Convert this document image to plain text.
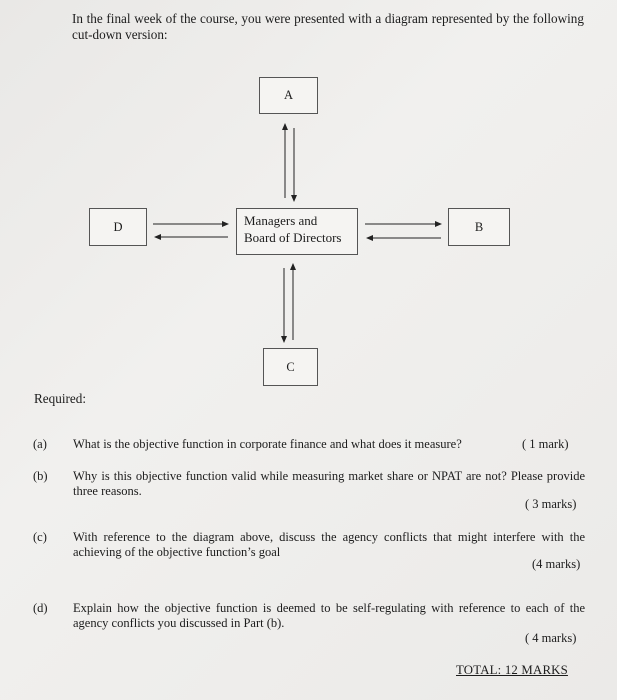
In the final week of the course, you were presented with a diagram represented by the following cut-down version:
A
D	Managers and
Board of Directors
B
C
Required:
(a) What is the objective function in corporate finance and what does it measure?	( 1 mark)
(b) Why is this objective function valid while measuring market share or NPAT are not? Please provide three reasons.
( 3 marks)
(c) With reference to the diagram above, discuss the agency conflicts that might interfere with the achieving of the objective function’s goal
(4 marks)
(d) Explain how the objective function is deemed to be self-regulating with reference to each of the agency conflicts you discussed in Part (b).
( 4 marks)
TOTAL: 12 MARKS
